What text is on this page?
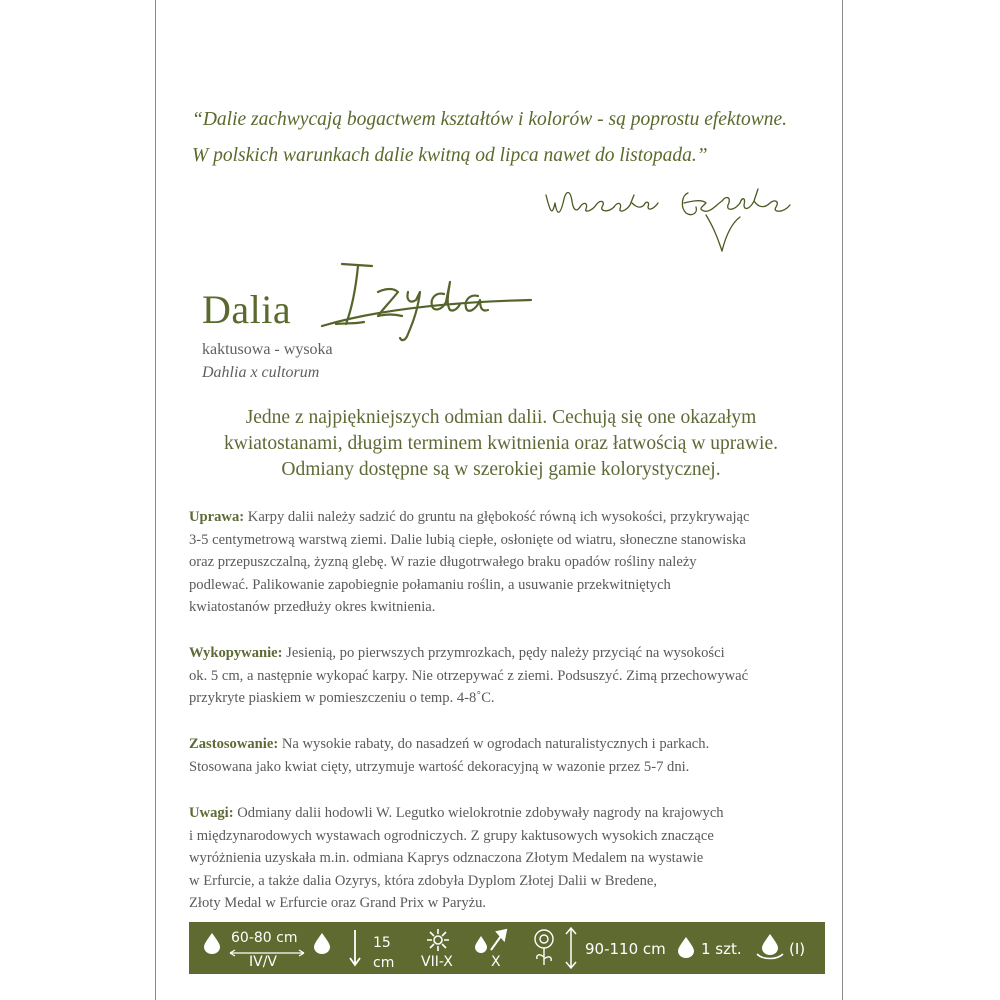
“Dalie zachwycają bogactwem kształtów i kolorów - są poprostu efektowne.
W polskich warunkach dalie kwitną od lipca nawet do listopada.”
Dalia
kaktusowa - wysoka
Dahlia x cultorum
Jedne z najpiękniejszych odmian dalii. Cechują się one okazałym
kwiatostanami, długim terminem kwitnienia oraz łatwością w uprawie.
Odmiany dostępne są w szerokiej gamie kolorystycznej.
Uprawa: Karpy dalii należy sadzić do gruntu na głębokość równą ich wysokości, przykrywając
3-5 centymetrową warstwą ziemi. Dalie lubią ciepłe, osłonięte od wiatru, słoneczne stanowiska
oraz przepuszczalną, żyzną glebę. W razie długotrwałego braku opadów rośliny należy
podlewać. Palikowanie zapobiegnie połamaniu roślin, a usuwanie przekwitniętych
kwiatostanów przedłuży okres kwitnienia.
Wykopywanie: Jesienią, po pierwszych przymrozkach, pędy należy przyciąć na wysokości
ok. 5 cm, a następnie wykopać karpy. Nie otrzepywać z ziemi. Podsuszyć. Zimą przechowywać
przykryte piaskiem w pomieszczeniu o temp. 4-8˚C.
Zastosowanie: Na wysokie rabaty, do nasadzeń w ogrodach naturalistycznych i parkach.
Stosowana jako kwiat cięty, utrzymuje wartość dekoracyjną w wazonie przez 5-7 dni.
Uwagi: Odmiany dalii hodowli W. Legutko wielokrotnie zdobywały nagrody na krajowych
i międzynarodowych wystawach ogrodniczych. Z grupy kaktusowych wysokich znaczące
wyróżnienia uzyskała m.in. odmiana Kaprys odznaczona Złotym Medalem na wystawie
w Erfurcie, a także dalia Ozyrys, która zdobyła Dyplom Złotej Dalii w Bredene,
Złoty Medal w Erfurcie oraz Grand Prix w Paryżu.
60-80 cm
IV/V
15
cm VII-X	X
90-110 cm 1 szt.	(I)
